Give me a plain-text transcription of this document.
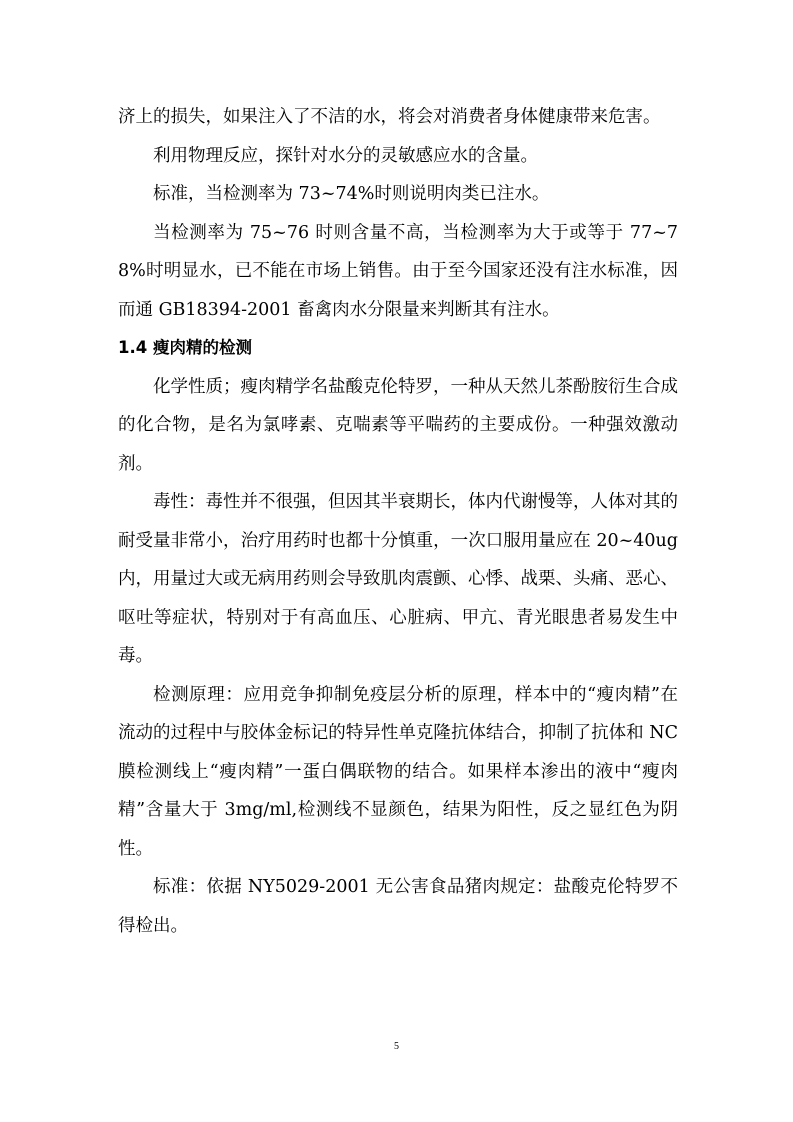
济上的损失，如果注入了不洁的水，将会对消费者身体健康带来危害。

利用物理反应，探针对水分的灵敏感应水的含量。

标准，当检测率为 73~74%时则说明肉类已注水。

当检测率为 75~76 时则含量不高，当检测率为大于或等于 77~78%时明显水，已不能在市场上销售。由于至今国家还没有注水标准，因而通 GB18394-2001 畜禽肉水分限量来判断其有注水。

1.4 瘦肉精的检测

化学性质；瘦肉精学名盐酸克伦特罗，一种从天然儿茶酚胺衍生合成的化合物，是名为氯哮素、克喘素等平喘药的主要成份。一种强效激动剂。

毒性：毒性并不很强，但因其半衰期长，体内代谢慢等，人体对其的耐受量非常小，治疗用药时也都十分慎重，一次口服用量应在 20~40ug 内，用量过大或无病用药则会导致肌肉震颤、心悸、战栗、头痛、恶心、呕吐等症状，特别对于有高血压、心脏病、甲亢、青光眼患者易发生中毒。

检测原理：应用竞争抑制免疫层分析的原理，样本中的“瘦肉精”在流动的过程中与胶体金标记的特异性单克隆抗体结合，抑制了抗体和 NC 膜检测线上“瘦肉精”一蛋白偶联物的结合。如果样本渗出的液中“瘦肉精”含量大于 3mg/ml,检测线不显颜色，结果为阳性，反之显红色为阴性。

标准：依据 NY5029-2001 无公害食品猪肉规定：盐酸克伦特罗不得检出。

5
